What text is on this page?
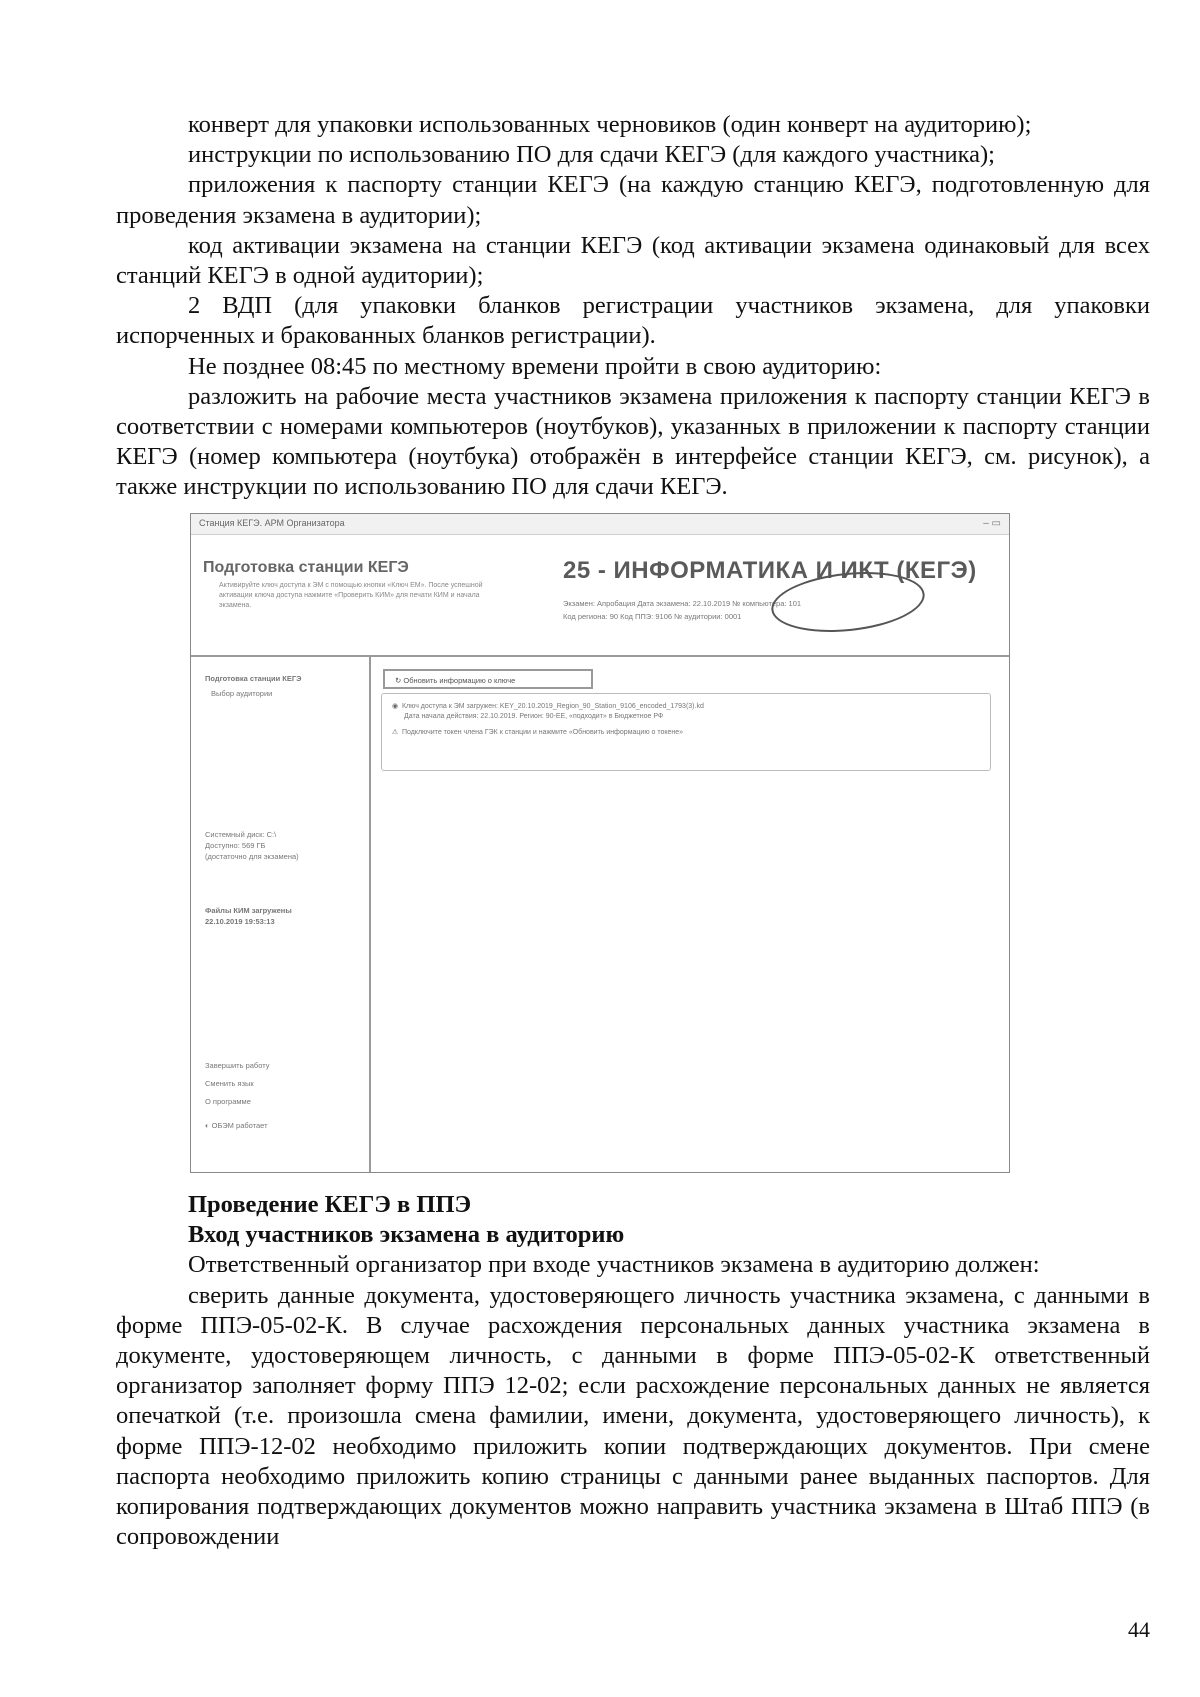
конверт для упаковки использованных черновиков (один конверт на аудиторию);

инструкции по использованию ПО для сдачи КЕГЭ (для каждого участника);

приложения к паспорту станции КЕГЭ (на каждую станцию КЕГЭ, подготовленную для проведения экзамена в аудитории);

код активации экзамена на станции КЕГЭ (код активации экзамена одинаковый для всех станций КЕГЭ в одной аудитории);

2 ВДП (для упаковки бланков регистрации участников экзамена, для упаковки испорченных и бракованных бланков регистрации).

Не позднее 08:45 по местному времени пройти в свою аудиторию:

разложить на рабочие места участников экзамена приложения к паспорту станции КЕГЭ в соответствии с номерами компьютеров (ноутбуков), указанных в приложении к паспорту станции КЕГЭ (номер компьютера (ноутбука) отображён в интерфейсе станции КЕГЭ, см. рисунок), а также инструкции по использованию ПО для сдачи КЕГЭ.

Станция КЕГЭ. АРМ Организатора	– ▭
Подготовка станции КЕГЭ
Активируйте ключ доступа к ЭМ с помощью кнопки «Ключ ЕМ». После успешной активации ключа доступа нажмите «Проверить КИМ» для печати КИМ и начала экзамена.
25 - ИНФОРМАТИКА И ИКТ (КЕГЭ)
Экзамен: Апробация Дата экзамена: 22.10.2019 № компьютера: 101
Код региона: 90 Код ППЭ: 9106 № аудитории: 0001
Подготовка станции КЕГЭ
Выбор аудитории
Системный диск: C:\
Доступно: 569 ГБ
(достаточно для экзамена)
Файлы КИМ загружены
22.10.2019 19:53:13
Завершить работу
Сменить язык
О программе
◐ ОБЭМ работает
↻ Обновить информацию о ключе
◉ Ключ доступа к ЭМ загружен: KEY_20.10.2019_Region_90_Station_9106_encoded_1793(3).kd
Дата начала действия: 22.10.2019. Регион: 90-ЕЕ, «подходит» в Бюджетное РФ
⚠ Подключите токен члена ГЭК к станции и нажмите «Обновить информацию о токене»

Проведение КЕГЭ в ППЭ

Вход участников экзамена в аудиторию

Ответственный организатор при входе участников экзамена в аудиторию должен:

сверить данные документа, удостоверяющего личность участника экзамена, с данными в форме ППЭ-05-02-К. В случае расхождения персональных данных участника экзамена в документе, удостоверяющем личность, с данными в форме ППЭ-05-02-К ответственный организатор заполняет форму ППЭ 12-02; если расхождение персональных данных не является опечаткой (т.е. произошла смена фамилии, имени, документа, удостоверяющего личность), к форме ППЭ-12-02 необходимо приложить копии подтверждающих документов. При смене паспорта необходимо приложить копию страницы с данными ранее выданных паспортов. Для копирования подтверждающих документов можно направить участника экзамена в Штаб ППЭ (в сопровождении

44
